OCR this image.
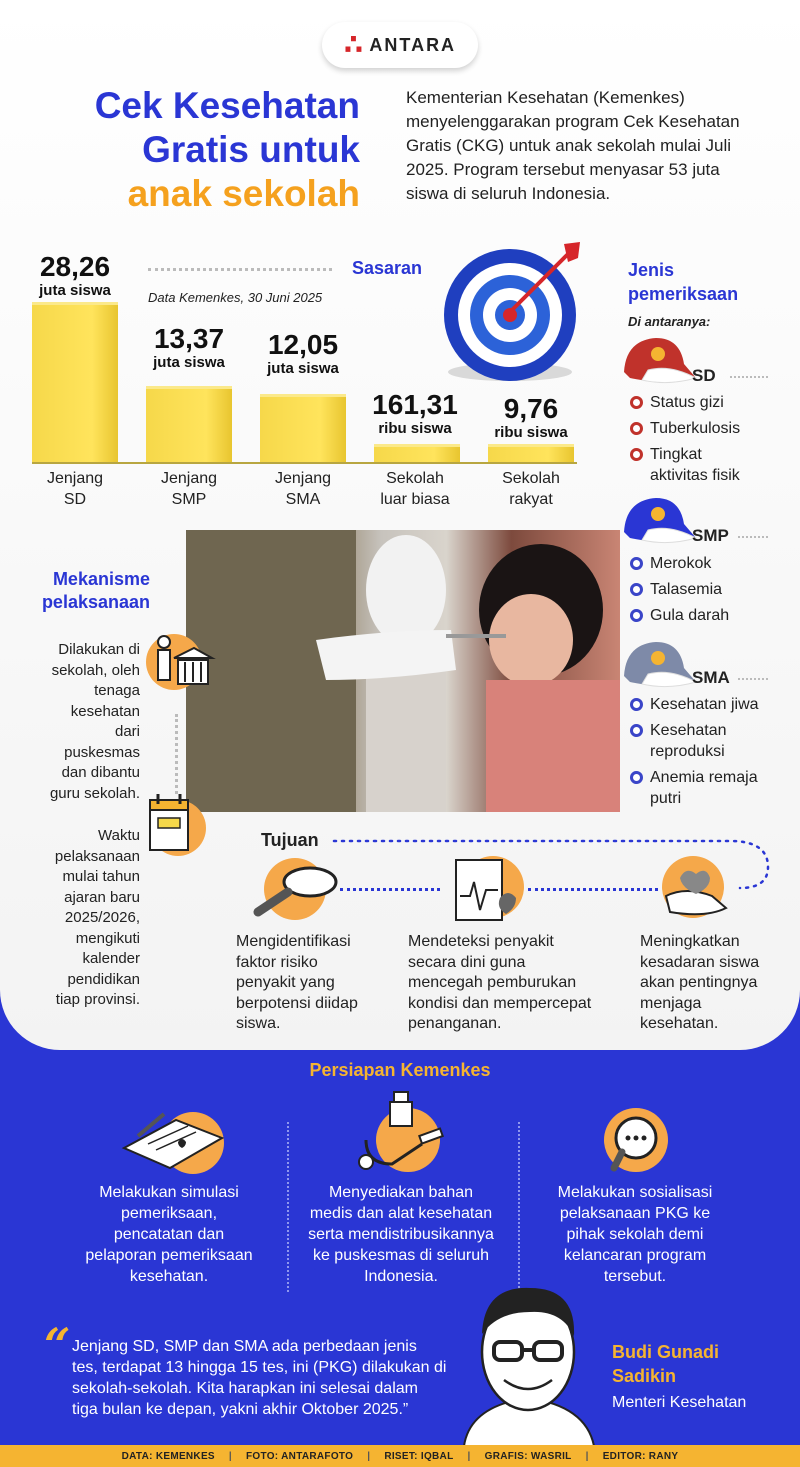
∴ ANTARA
Cek Kesehatan
Gratis untuk
anak sekolah
Kementerian Kesehatan (Kemenkes) menyelenggarakan program Cek Kesehatan Gratis (CKG) untuk anak sekolah mulai Juli 2025. Program tersebut menyasar 53 juta siswa di seluruh Indonesia.
Sasaran
Data Kemenkes, 30 Juni 2025
28,26
juta siswa
13,37
juta siswa
12,05
juta siswa
161,31
ribu siswa
9,76
ribu siswa
Jenjang
SD
Jenjang
SMP
Jenjang
SMA
Sekolah
luar biasa
Sekolah
rakyat
Jenis
pemeriksaan
Di antaranya:
SD
Status gizi
Tuberkulosis
Tingkat
aktivitas fisik
SMP
Merokok
Talasemia
Gula darah
SMA
Kesehatan jiwa
Kesehatan
reproduksi
Anemia remaja
putri
Mekanisme
pelaksanaan
Dilakukan di
sekolah, oleh
tenaga
kesehatan
dari
puskesmas
dan dibantu
guru sekolah.
Waktu
pelaksanaan
mulai tahun
ajaran baru
2025/2026,
mengikuti
kalender
pendidikan
tiap provinsi.
Tujuan
Mengidentifikasi
faktor risiko
penyakit yang
berpotensi diidap
siswa.
Mendeteksi penyakit
secara dini guna
mencegah pemburukan
kondisi dan mempercepat
penanganan.
Meningkatkan
kesadaran siswa
akan pentingnya
menjaga
kesehatan.
Persiapan Kemenkes
Melakukan simulasi
pemeriksaan,
pencatatan dan
pelaporan pemeriksaan
kesehatan.
Menyediakan bahan
medis dan alat kesehatan
serta mendistribusikannya
ke puskesmas di seluruh
Indonesia.
Melakukan sosialisasi
pelaksanaan PKG ke
pihak sekolah demi
kelancaran program
tersebut.
“ Jenjang SD, SMP dan SMA ada perbedaan jenis
tes, terdapat 13 hingga 15 tes, ini (PKG) dilakukan di
sekolah-sekolah. Kita harapkan ini selesai dalam
tiga bulan ke depan, yakni akhir Oktober 2025.”
Budi Gunadi
Sadikin
Menteri Kesehatan
DATA: KEMENKES | FOTO: ANTARAFOTO | RISET: IQBAL | GRAFIS: WASRIL | EDITOR: RANY
